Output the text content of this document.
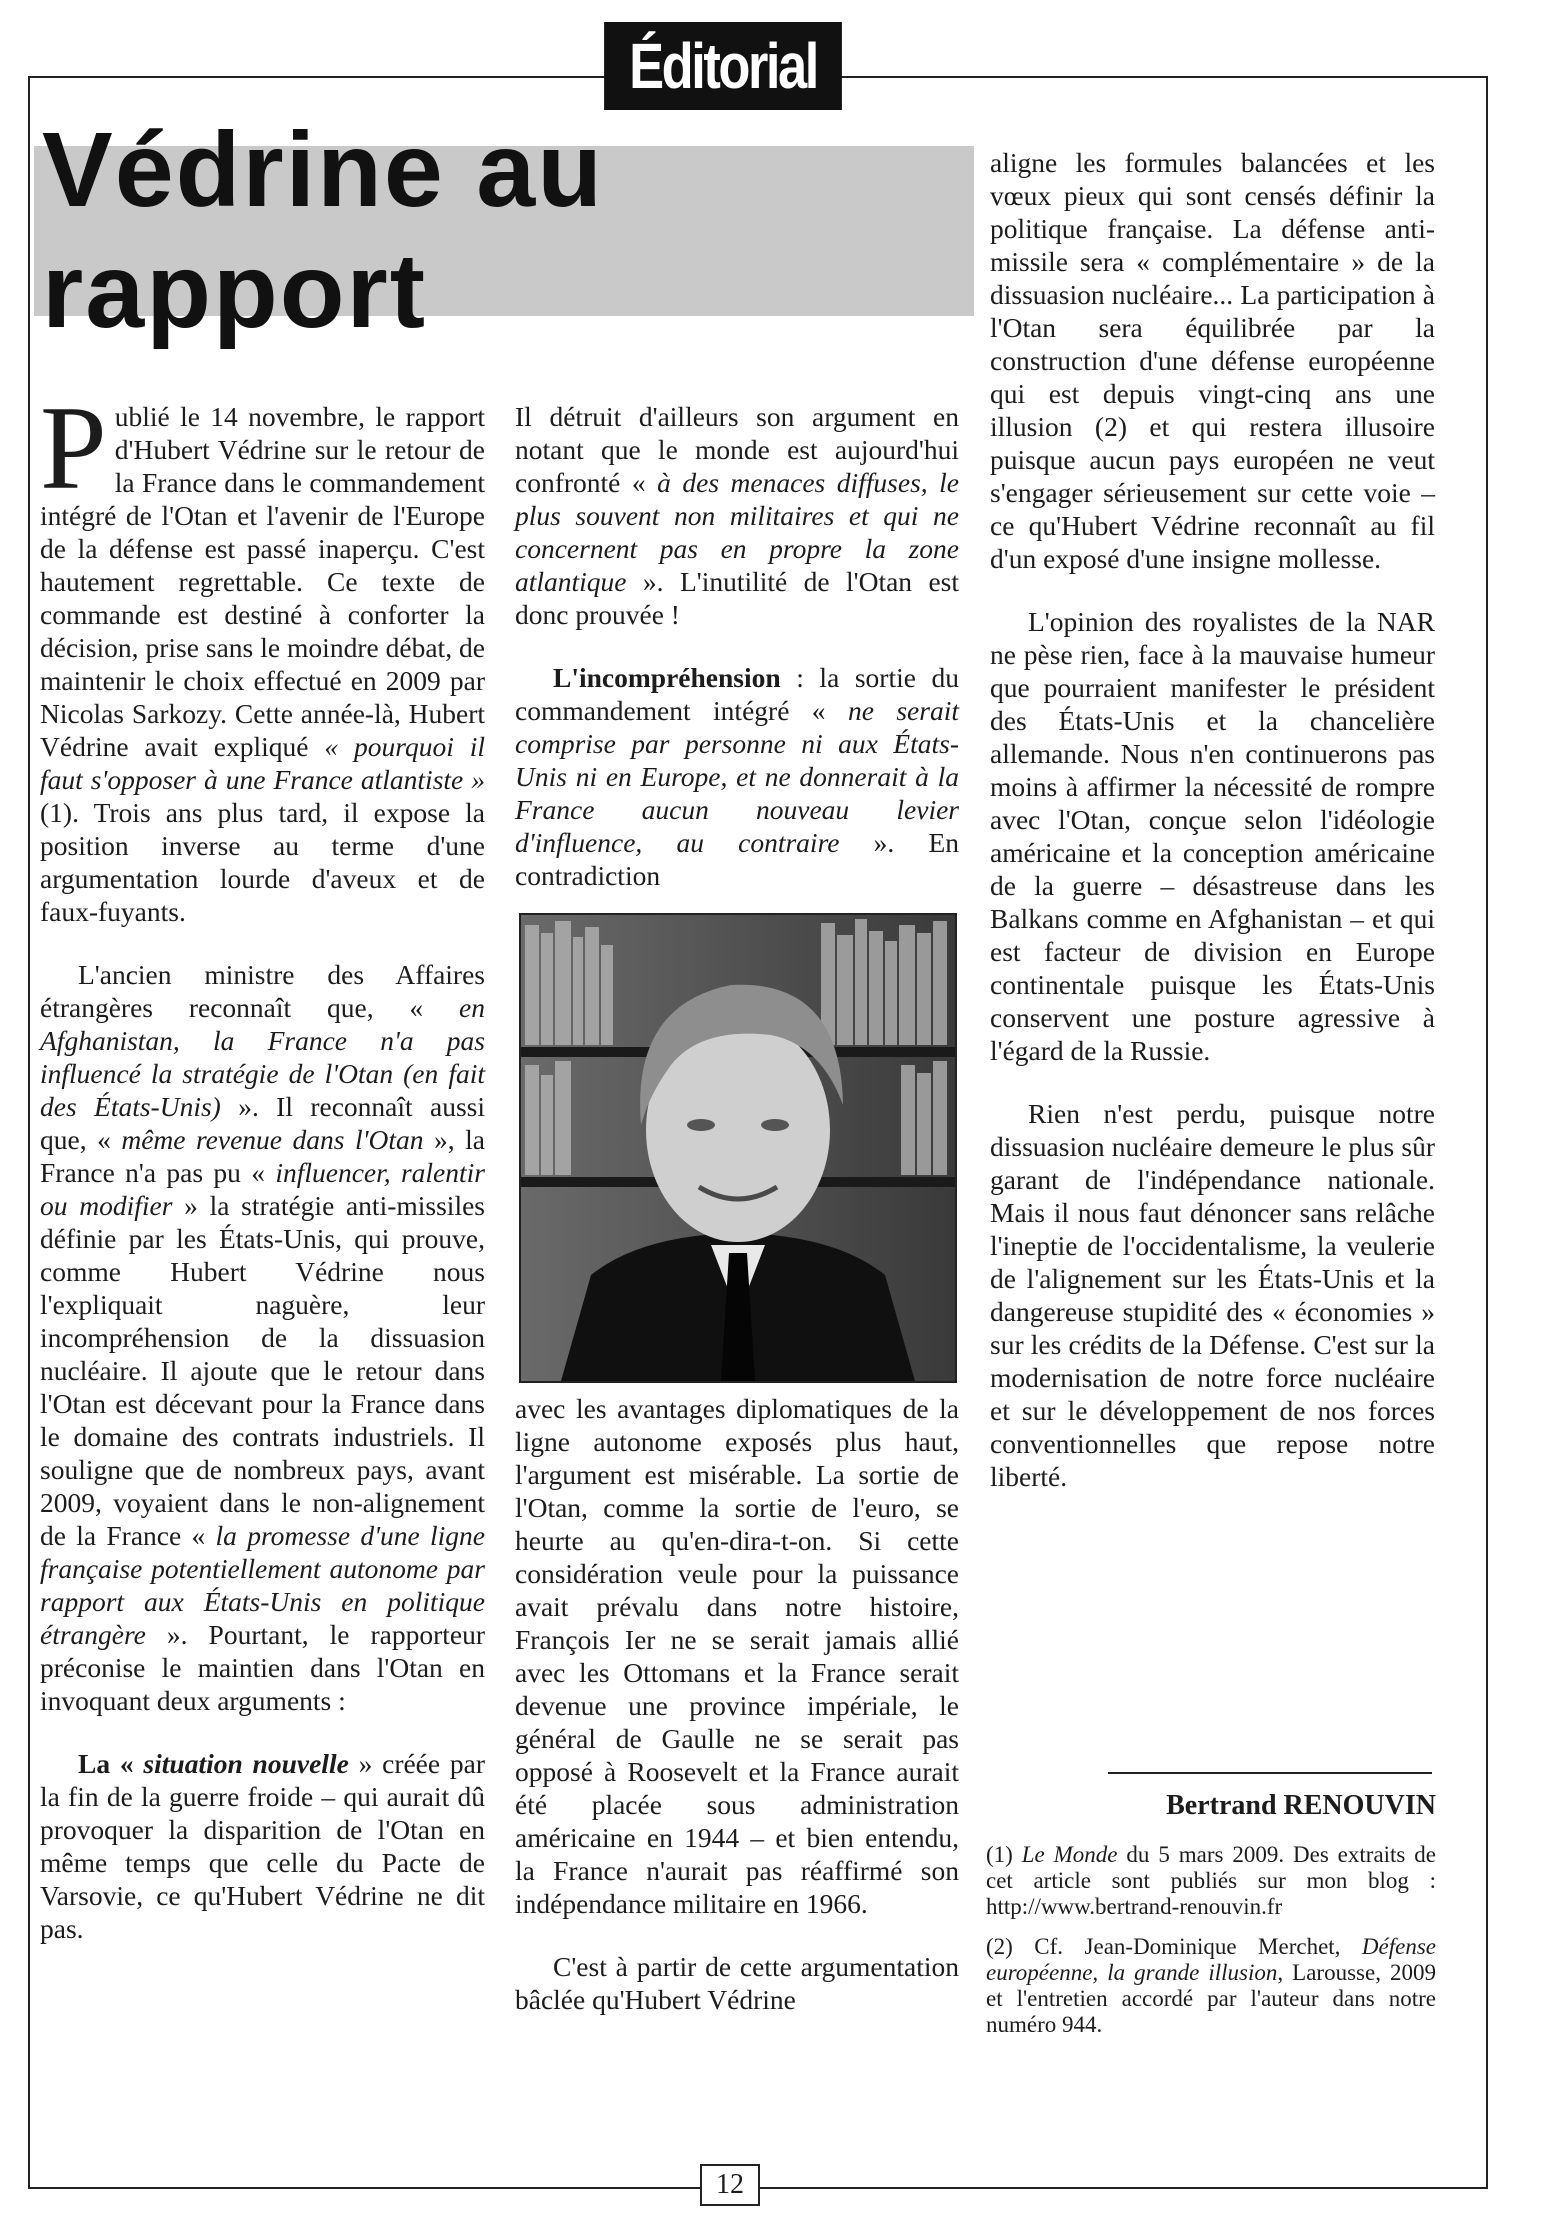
Éditorial
Védrine au rapport

Publié le 14 novembre, le rapport d'Hubert Védrine sur le retour de la France dans le commandement intégré de l'Otan et l'avenir de l'Europe de la défense est passé inaperçu. C'est hautement regrettable. Ce texte de commande est destiné à conforter la décision, prise sans le moindre débat, de maintenir le choix effectué en 2009 par Nicolas Sarkozy. Cette année-là, Hubert Védrine avait expliqué « pourquoi il faut s'opposer à une France atlantiste » (1). Trois ans plus tard, il expose la position inverse au terme d'une argumentation lourde d'aveux et de faux-fuyants.

L'ancien ministre des Affaires étrangères reconnaît que, « en Afghanistan, la France n'a pas influencé la stratégie de l'Otan (en fait des États-Unis) ». Il reconnaît aussi que, « même revenue dans l'Otan », la France n'a pas pu « influencer, ralentir ou modifier » la stratégie anti-missiles définie par les États-Unis, qui prouve, comme Hubert Védrine nous l'expliquait naguère, leur incompréhension de la dissuasion nucléaire. Il ajoute que le retour dans l'Otan est décevant pour la France dans le domaine des contrats industriels. Il souligne que de nombreux pays, avant 2009, voyaient dans le non-alignement de la France « la promesse d'une ligne française potentiellement autonome par rapport aux États-Unis en politique étrangère ». Pourtant, le rapporteur préconise le maintien dans l'Otan en invoquant deux arguments :

La « situation nouvelle » créée par la fin de la guerre froide – qui aurait dû provoquer la disparition de l'Otan en même temps que celle du Pacte de Varsovie, ce qu'Hubert Védrine ne dit pas.

Il détruit d'ailleurs son argument en notant que le monde est aujourd'hui confronté « à des menaces diffuses, le plus souvent non militaires et qui ne concernent pas en propre la zone atlantique ». L'inutilité de l'Otan est donc prouvée !

L'incompréhension : la sortie du commandement intégré « ne serait comprise par personne ni aux États-Unis ni en Europe, et ne donnerait à la France aucun nouveau levier d'influence, au contraire ». En contradiction

avec les avantages diplomatiques de la ligne autonome exposés plus haut, l'argument est misérable. La sortie de l'Otan, comme la sortie de l'euro, se heurte au qu'en-dira-t-on. Si cette considération veule pour la puissance avait prévalu dans notre histoire, François Ier ne se serait jamais allié avec les Ottomans et la France serait devenue une province impériale, le général de Gaulle ne se serait pas opposé à Roosevelt et la France aurait été placée sous administration américaine en 1944 – et bien entendu, la France n'aurait pas réaffirmé son indépendance militaire en 1966.

C'est à partir de cette argumentation bâclée qu'Hubert Védrine

aligne les formules balancées et les vœux pieux qui sont censés définir la politique française. La défense anti-missile sera « complémentaire » de la dissuasion nucléaire... La participation à l'Otan sera équilibrée par la construction d'une défense européenne qui est depuis vingt-cinq ans une illusion (2) et qui restera illusoire puisque aucun pays européen ne veut s'engager sérieusement sur cette voie – ce qu'Hubert Védrine reconnaît au fil d'un exposé d'une insigne mollesse.

L'opinion des royalistes de la NAR ne pèse rien, face à la mauvaise humeur que pourraient manifester le président des États-Unis et la chancelière allemande. Nous n'en continuerons pas moins à affirmer la nécessité de rompre avec l'Otan, conçue selon l'idéologie américaine et la conception américaine de la guerre – désastreuse dans les Balkans comme en Afghanistan – et qui est facteur de division en Europe continentale puisque les États-Unis conservent une posture agressive à l'égard de la Russie.

Rien n'est perdu, puisque notre dissuasion nucléaire demeure le plus sûr garant de l'indépendance nationale. Mais il nous faut dénoncer sans relâche l'ineptie de l'occidentalisme, la veulerie de l'alignement sur les États-Unis et la dangereuse stupidité des « économies » sur les crédits de la Défense. C'est sur la modernisation de notre force nucléaire et sur le développement de nos forces conventionnelles que repose notre liberté.

Bertrand RENOUVIN

(1) Le Monde du 5 mars 2009. Des extraits de cet article sont publiés sur mon blog : http://www.bertrand-renouvin.fr

(2) Cf. Jean-Dominique Merchet, Défense européenne, la grande illusion, Larousse, 2009 et l'entretien accordé par l'auteur dans notre numéro 944.

12
